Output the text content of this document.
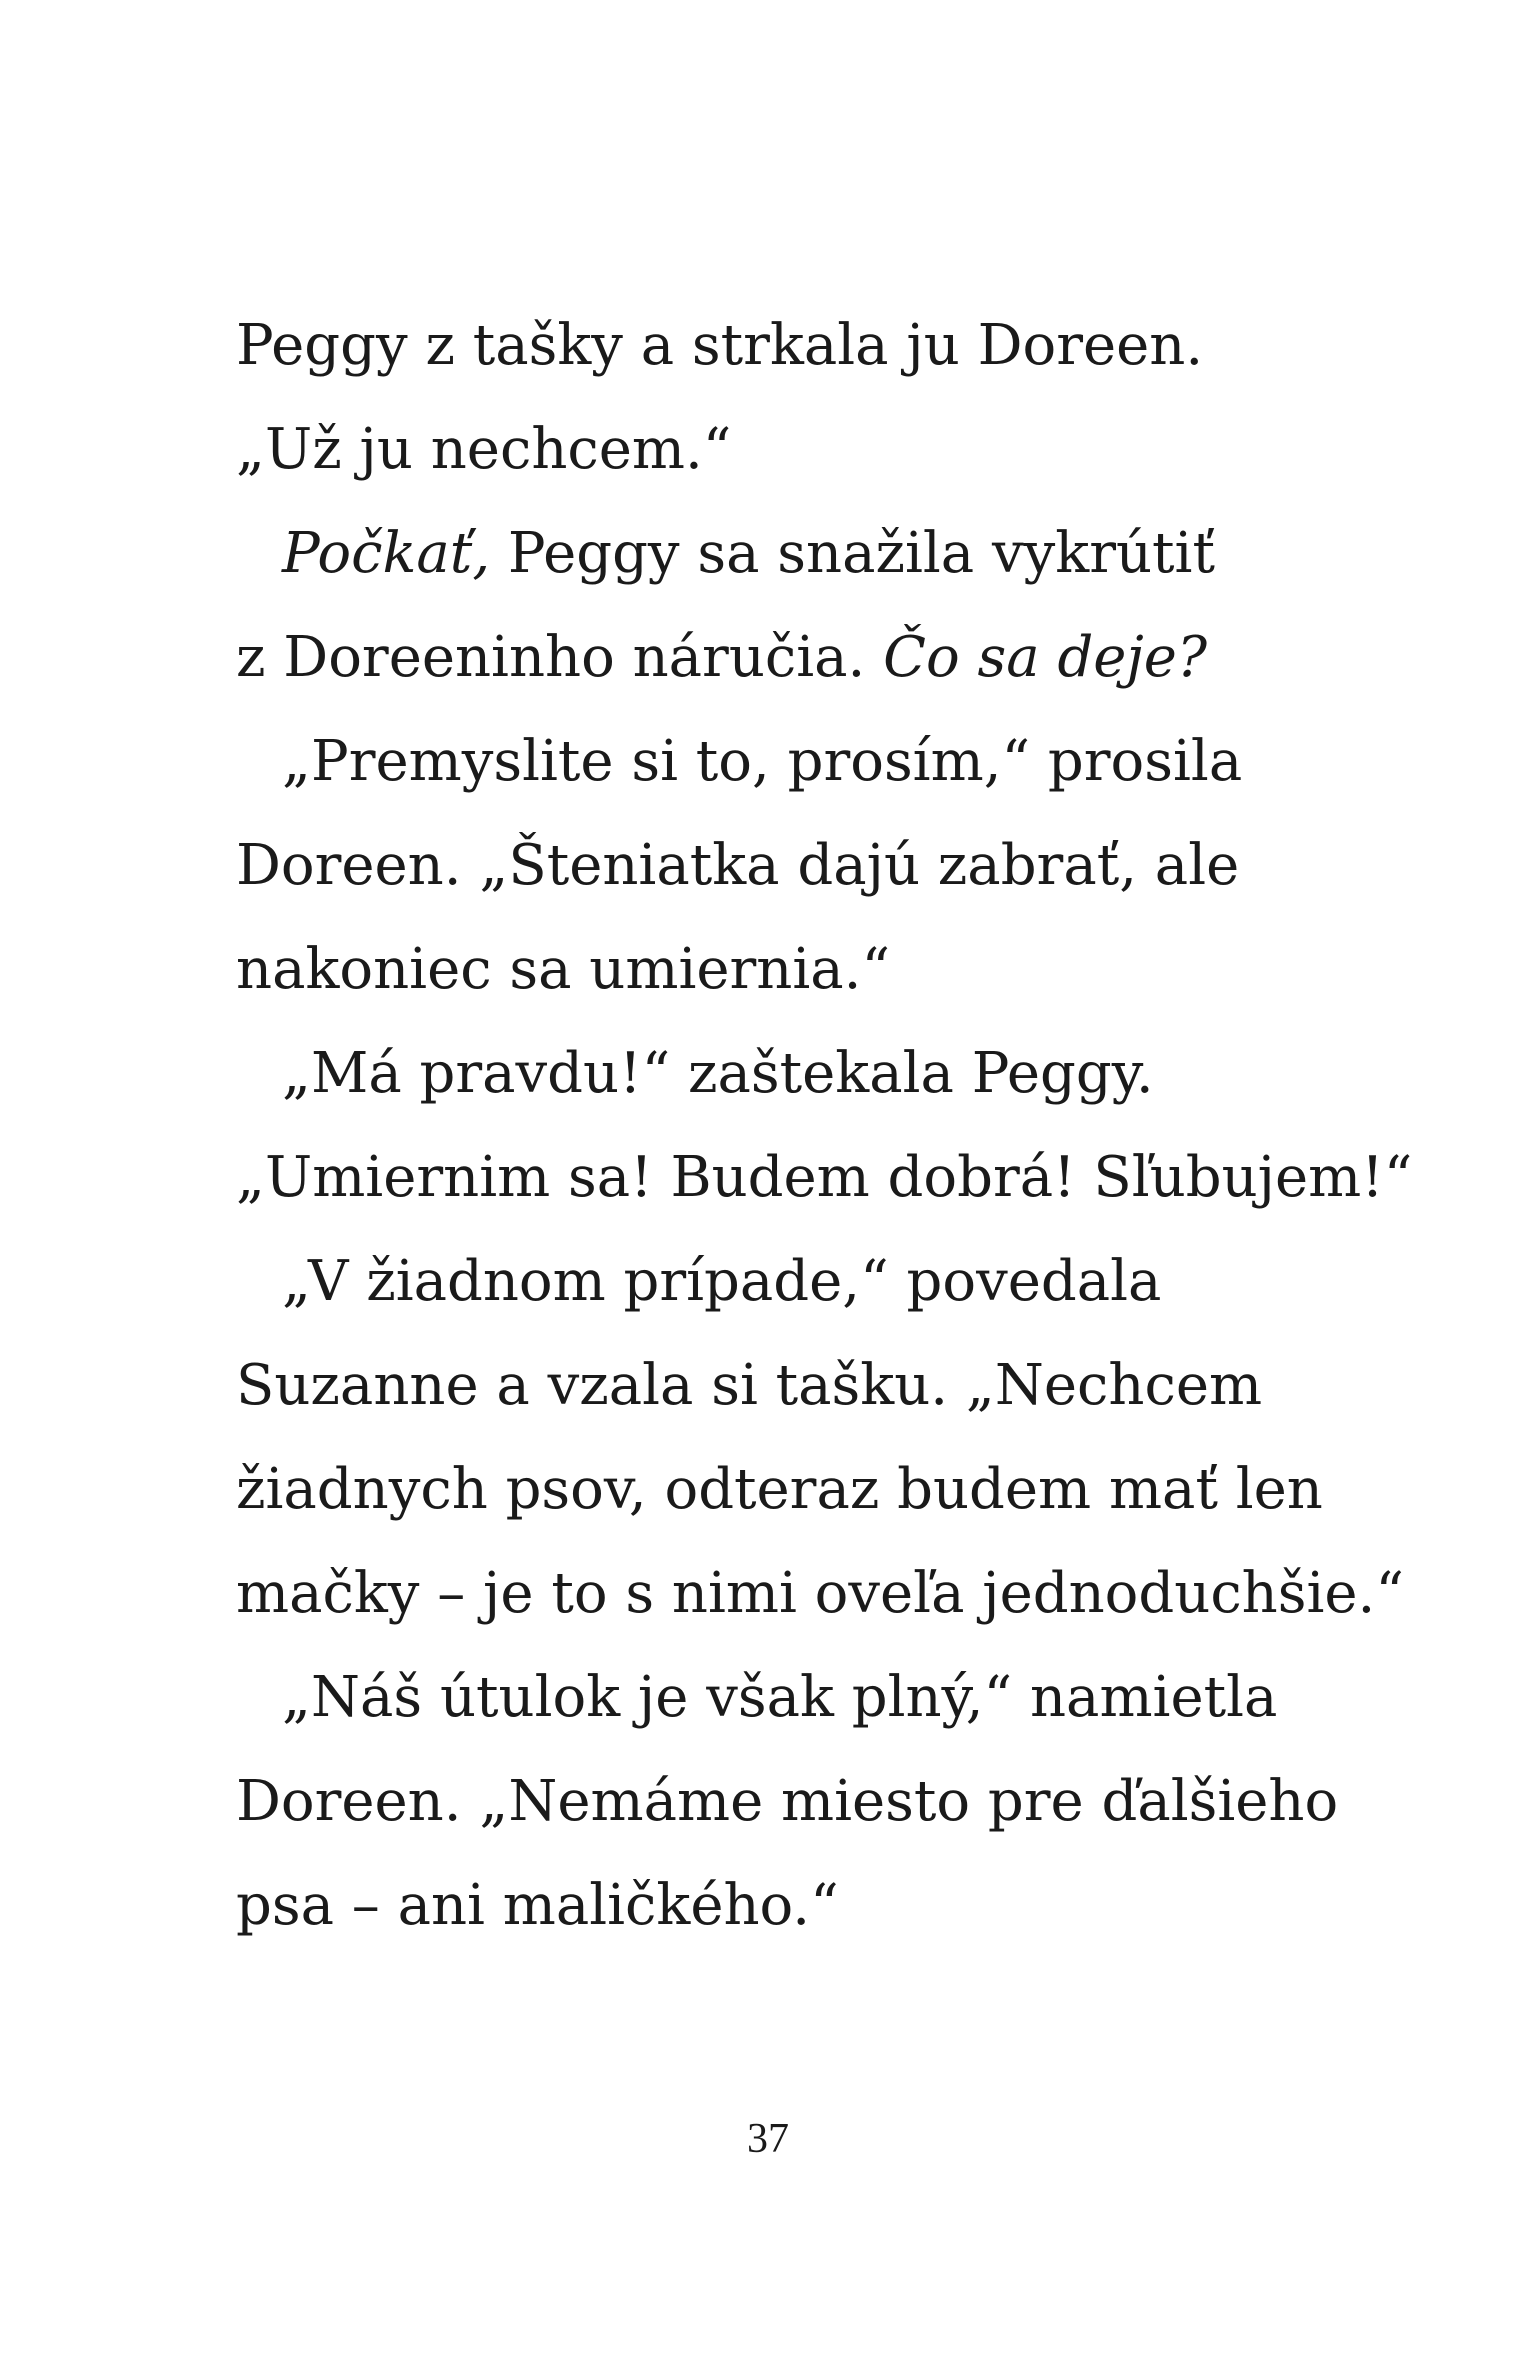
Peggy z tašky a strkala ju Doreen.
„Už ju nechcem.“
Počkať, Peggy sa snažila vykrútiť
z Doreeninho náručia. Čo sa deje?
„Premyslite si to, prosím,“ prosila
Doreen. „Šteniatka dajú zabrať, ale
nakoniec sa umiernia.“
„Má pravdu!“ zaštekala Peggy.
„Umiernim sa! Budem dobrá! Sľubujem!“
„V žiadnom prípade,“ povedala
Suzanne a vzala si tašku. „Nechcem
žiadnych psov, odteraz budem mať len
mačky – je to s nimi oveľa jednoduchšie.“
„Náš útulok je však plný,“ namietla
Doreen. „Nemáme miesto pre ďalšieho
psa – ani maličkého.“
37
